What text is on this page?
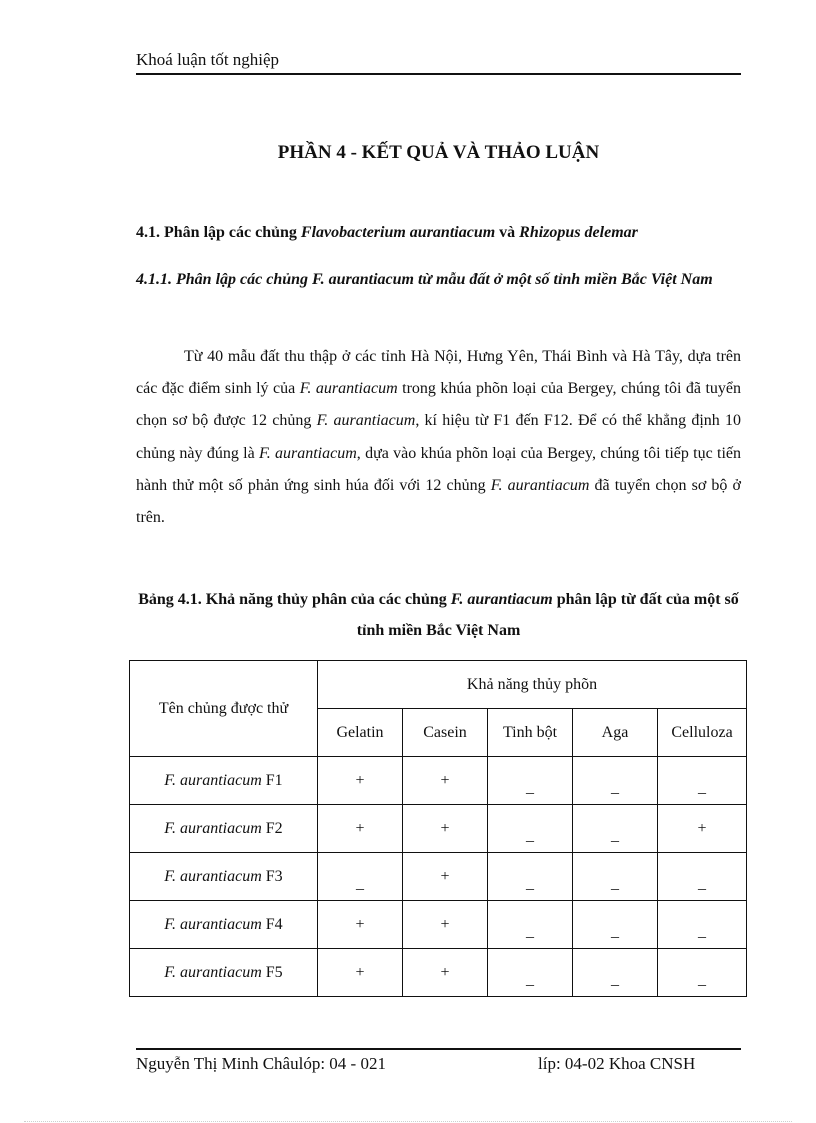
Khoá luận tốt nghiệp
PHẦN 4 - KẾT QUẢ VÀ THẢO LUẬN
4.1. Phân lập các chủng Flavobacterium aurantiacum và Rhizopus delemar
4.1.1. Phân lập các chủng F. aurantiacum từ mẫu đất ở một số tỉnh miền Bắc Việt Nam
Từ 40 mẫu đất thu thập ở các tỉnh Hà Nội, Hưng Yên, Thái Bình và Hà Tây, dựa trên các đặc điểm sinh lý của F. aurantiacum trong khúa phõn loại của Bergey, chúng tôi đã tuyển chọn sơ bộ được 12 chủng F. aurantiacum, kí hiệu từ F1 đến F12. Để có thể khẳng định 10 chủng này đúng là F. aurantiacum, dựa vào khúa phõn loại của Bergey, chúng tôi tiếp tục tiến hành thử một số phản ứng sinh húa đối với 12 chủng F. aurantiacum đã tuyển chọn sơ bộ ở trên.
Bảng 4.1. Khả năng thủy phân của các chủng F. aurantiacum phân lập từ đất của một số tỉnh miền Bắc Việt Nam
Tên chủng được thử	Khả năng thủy phõn				
	Gelatin	Casein	Tinh bột	Aga	Celluloza
F. aurantiacum F1	+	+	_	_	_
F. aurantiacum F2	+	+	_	_	+
F. aurantiacum F3	_	+	_	_	_
F. aurantiacum F4	+	+	_	_	_
F. aurantiacum F5	+	+	_	_	_
Nguyễn Thị Minh Châulóp: 04 - 021	líp: 04-02 Khoa CNSH
